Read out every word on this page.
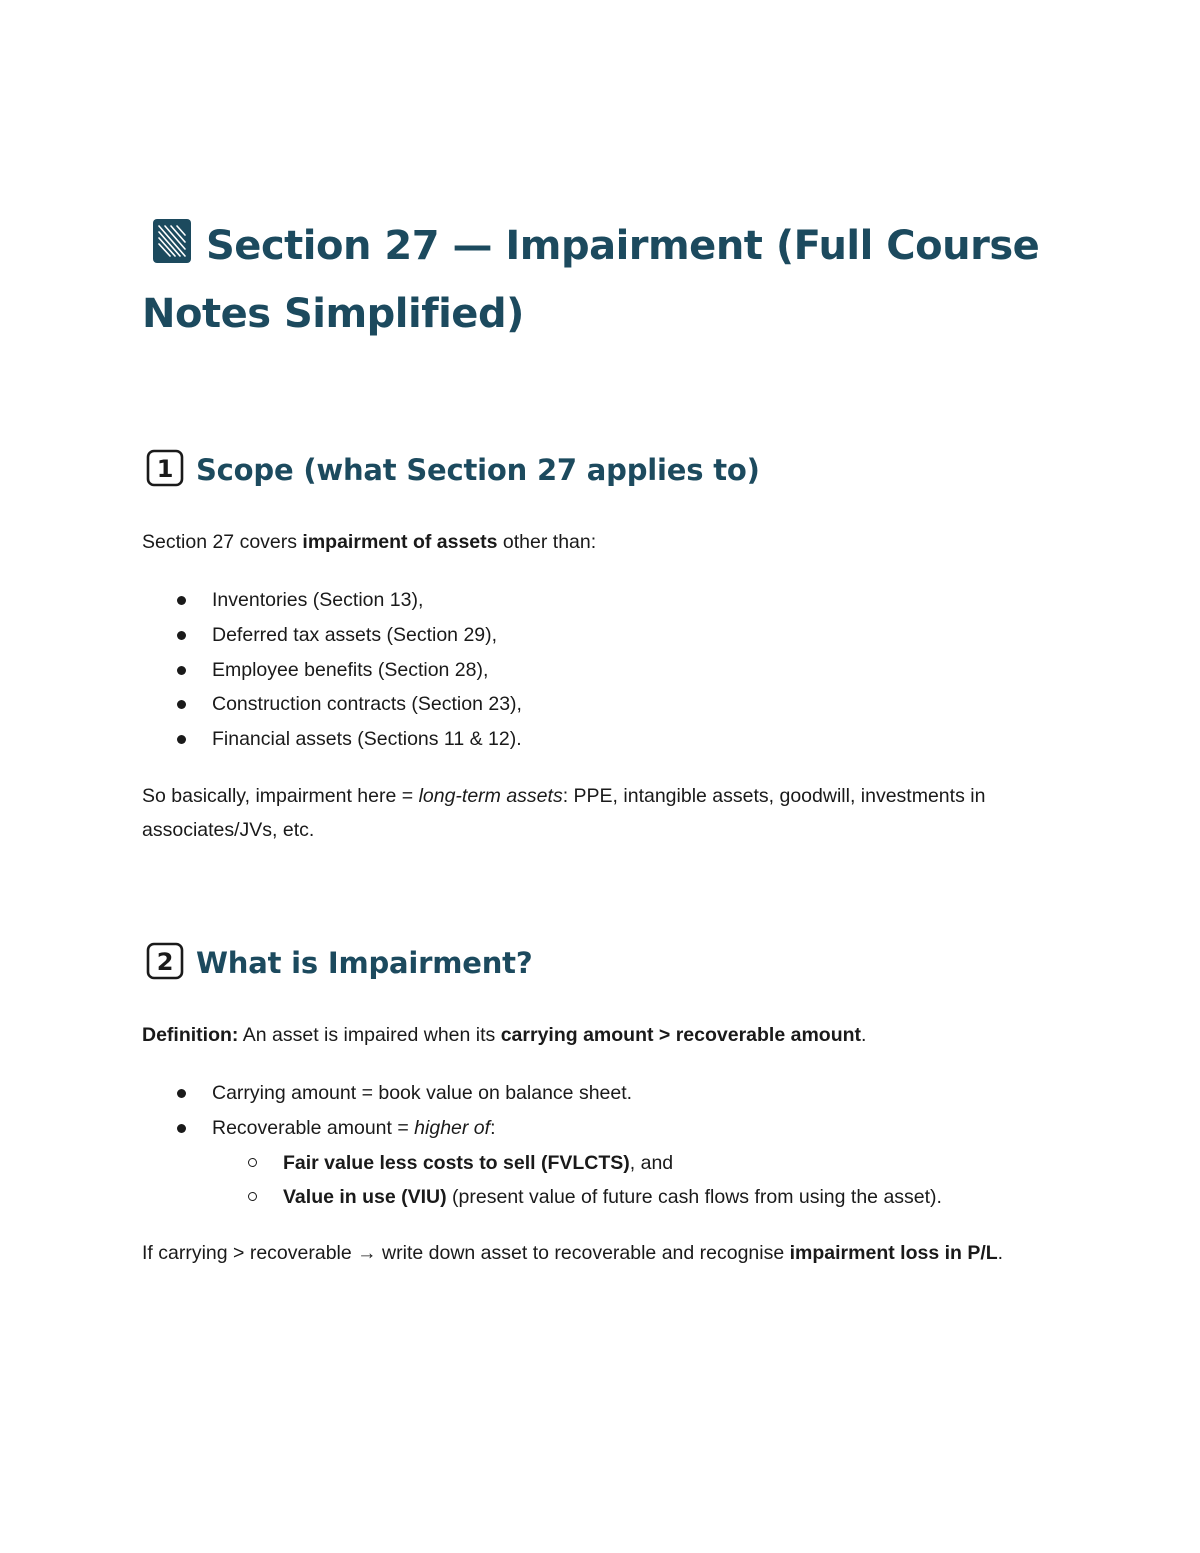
Section 27 — Impairment (Full Course Notes Simplified)
1 Scope (what Section 27 applies to)

Section 27 covers impairment of assets other than:

Inventories (Section 13),
Deferred tax assets (Section 29),
Employee benefits (Section 28),
Construction contracts (Section 23),
Financial assets (Sections 11 & 12).

So basically, impairment here = long-term assets: PPE, intangible assets, goodwill, investments in associates/JVs, etc.

2 What is Impairment?

Definition: An asset is impaired when its carrying amount > recoverable amount.

Carrying amount = book value on balance sheet.
Recoverable amount = higher of:
Fair value less costs to sell (FVLCTS), and
Value in use (VIU) (present value of future cash flows from using the asset).

If carrying > recoverable → write down asset to recoverable and recognise impairment loss in P/L.
